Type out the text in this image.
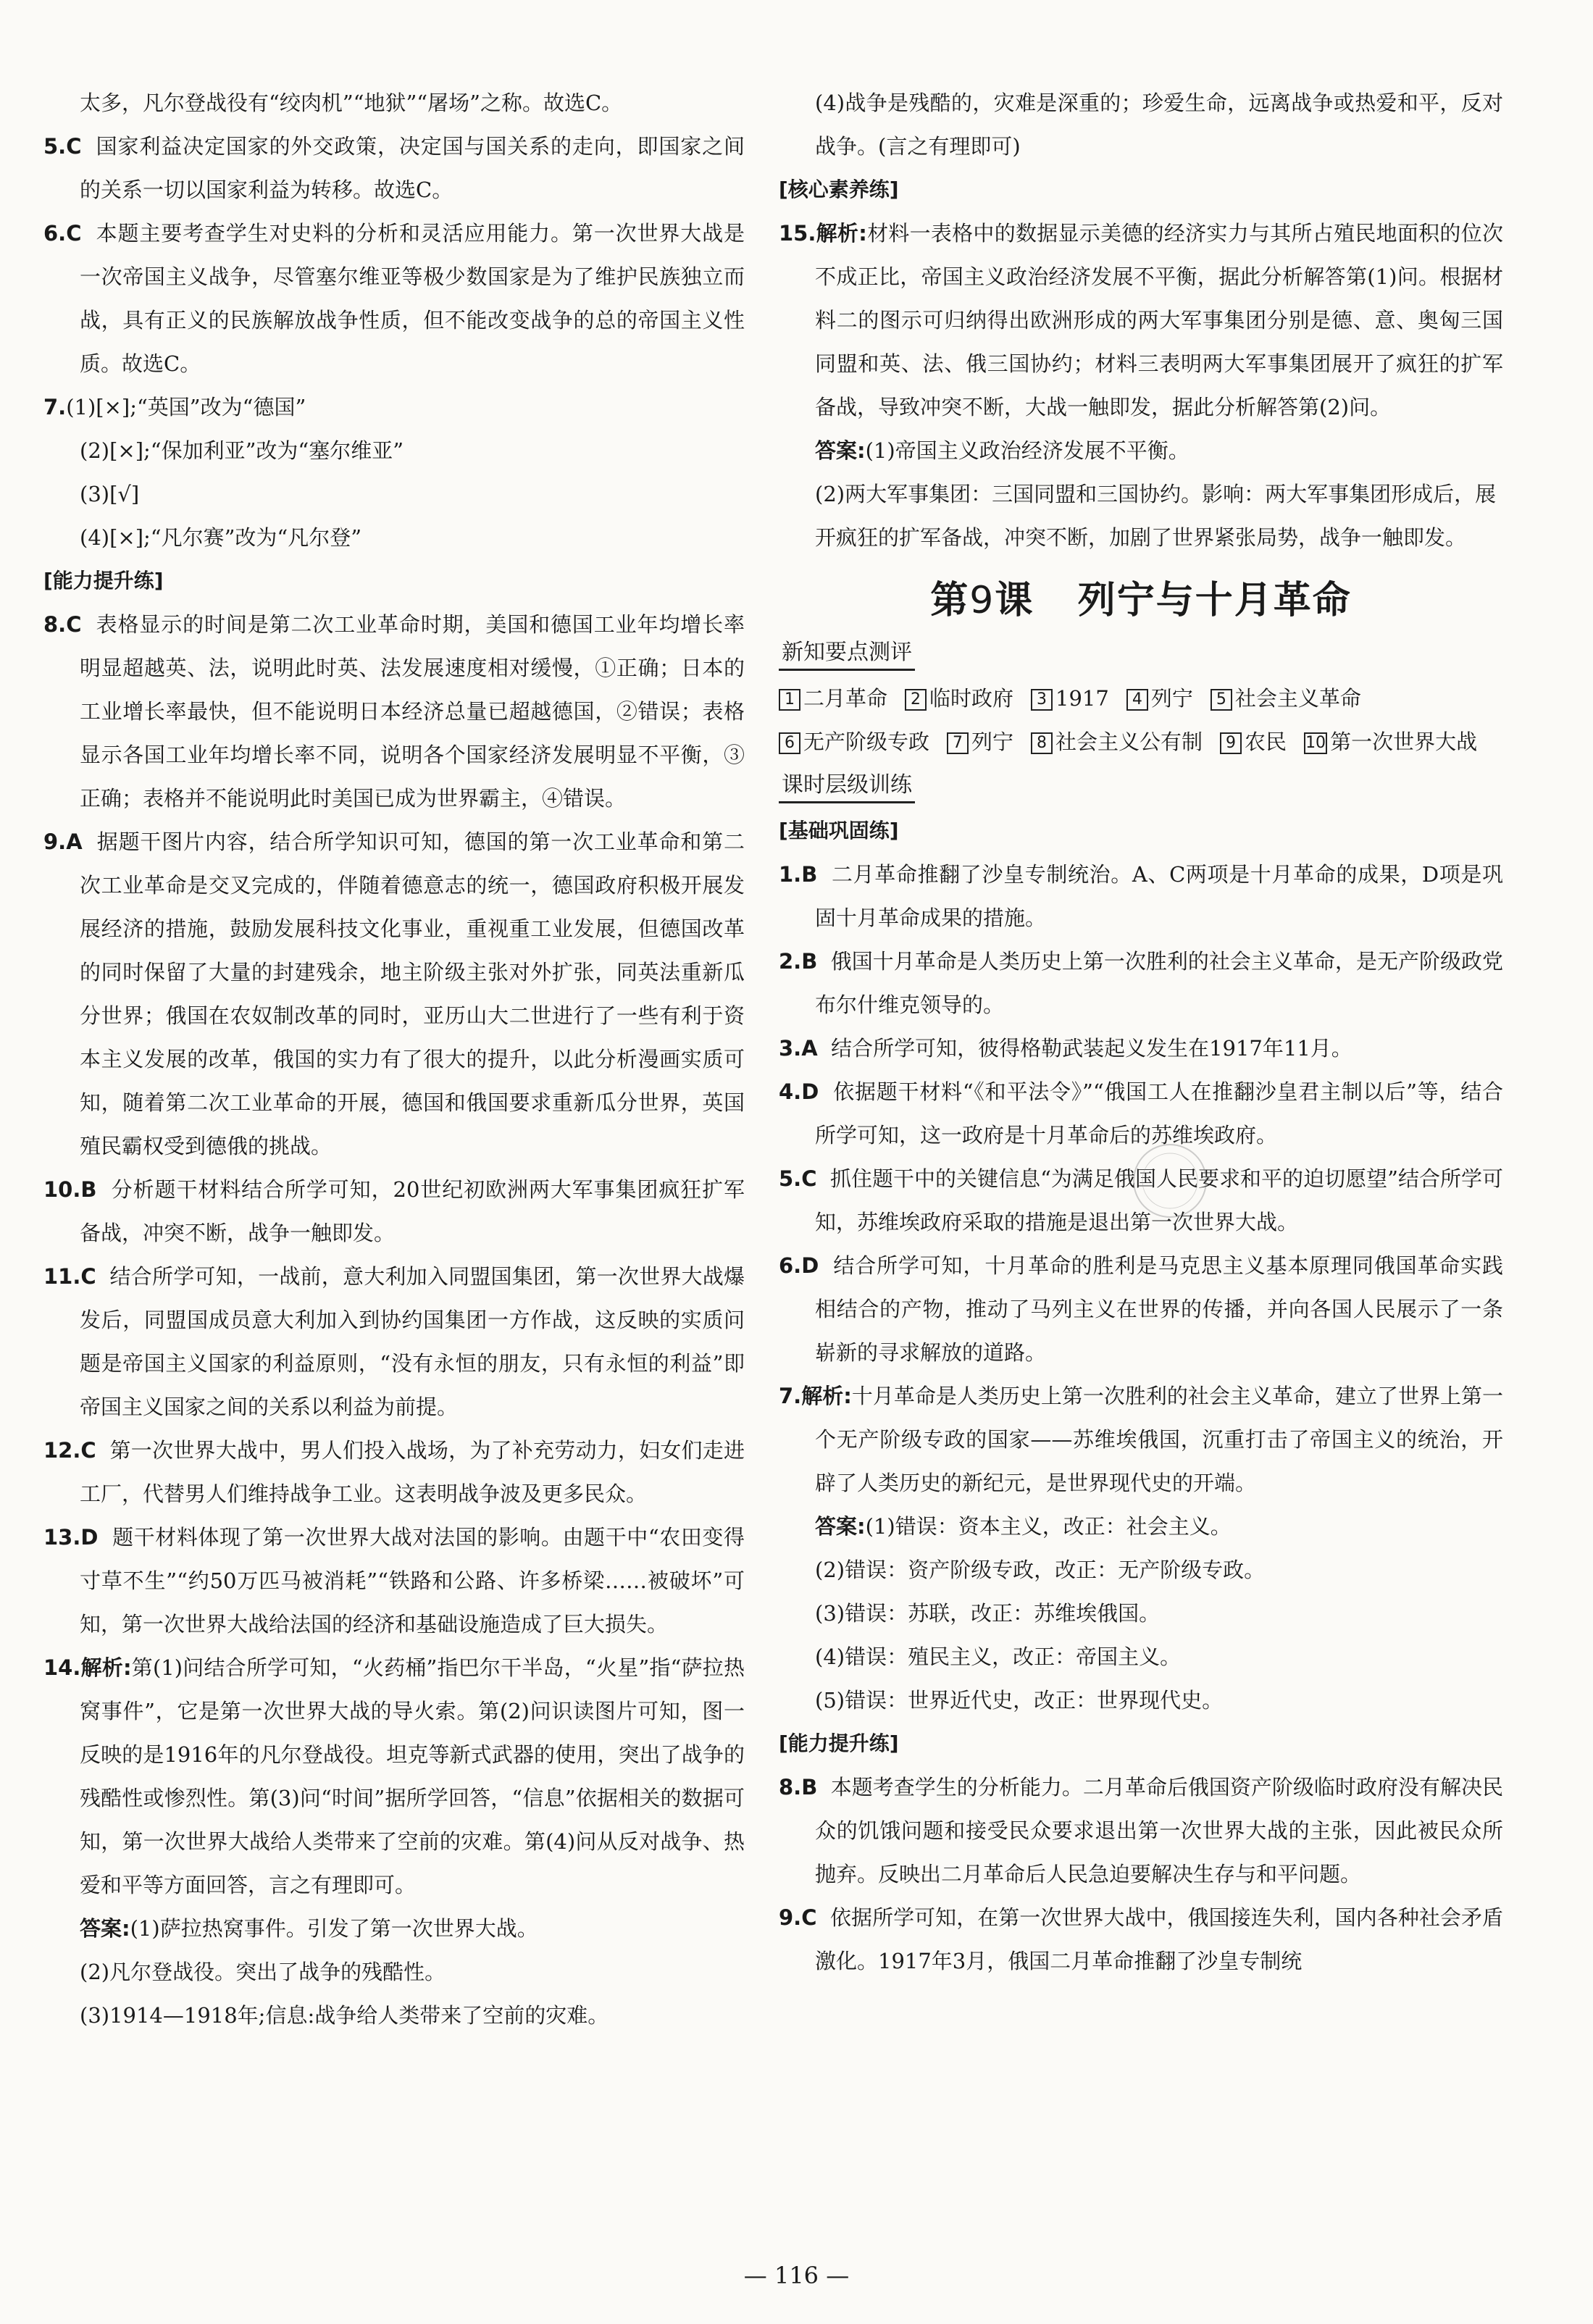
太多，凡尔登战役有“绞肉机”“地狱”“屠场”之称。故选C。

5.C 国家利益决定国家的外交政策，决定国与国关系的走向，即国家之间的关系一切以国家利益为转移。故选C。

6.C 本题主要考查学生对史料的分析和灵活应用能力。第一次世界大战是一次帝国主义战争，尽管塞尔维亚等极少数国家是为了维护民族独立而战，具有正义的民族解放战争性质，但不能改变战争的总的帝国主义性质。故选C。

7.(1)[×];“英国”改为“德国”

(2)[×];“保加利亚”改为“塞尔维亚”

(3)[√]

(4)[×];“凡尔赛”改为“凡尔登”

[能力提升练]

8.C 表格显示的时间是第二次工业革命时期，美国和德国工业年均增长率明显超越英、法，说明此时英、法发展速度相对缓慢，①正确；日本的工业增长率最快，但不能说明日本经济总量已超越德国，②错误；表格显示各国工业年均增长率不同，说明各个国家经济发展明显不平衡，③正确；表格并不能说明此时美国已成为世界霸主，④错误。

9.A 据题干图片内容，结合所学知识可知，德国的第一次工业革命和第二次工业革命是交叉完成的，伴随着德意志的统一，德国政府积极开展发展经济的措施，鼓励发展科技文化事业，重视重工业发展，但德国改革的同时保留了大量的封建残余，地主阶级主张对外扩张，同英法重新瓜分世界；俄国在农奴制改革的同时，亚历山大二世进行了一些有利于资本主义发展的改革，俄国的实力有了很大的提升，以此分析漫画实质可知，随着第二次工业革命的开展，德国和俄国要求重新瓜分世界，英国殖民霸权受到德俄的挑战。

10.B 分析题干材料结合所学可知，20世纪初欧洲两大军事集团疯狂扩军备战，冲突不断，战争一触即发。

11.C 结合所学可知，一战前，意大利加入同盟国集团，第一次世界大战爆发后，同盟国成员意大利加入到协约国集团一方作战，这反映的实质问题是帝国主义国家的利益原则，“没有永恒的朋友，只有永恒的利益”即帝国主义国家之间的关系以利益为前提。

12.C 第一次世界大战中，男人们投入战场，为了补充劳动力，妇女们走进工厂，代替男人们维持战争工业。这表明战争波及更多民众。

13.D 题干材料体现了第一次世界大战对法国的影响。由题干中“农田变得寸草不生”“约50万匹马被消耗”“铁路和公路、许多桥梁……被破坏”可知，第一次世界大战给法国的经济和基础设施造成了巨大损失。

14.解析:第(1)问结合所学可知，“火药桶”指巴尔干半岛，“火星”指“萨拉热窝事件”，它是第一次世界大战的导火索。第(2)问识读图片可知，图一反映的是1916年的凡尔登战役。坦克等新式武器的使用，突出了战争的残酷性或惨烈性。第(3)问“时间”据所学回答，“信息”依据相关的数据可知，第一次世界大战给人类带来了空前的灾难。第(4)问从反对战争、热爱和平等方面回答，言之有理即可。

答案:(1)萨拉热窝事件。引发了第一次世界大战。

(2)凡尔登战役。突出了战争的残酷性。

(3)1914—1918年;信息:战争给人类带来了空前的灾难。

(4)战争是残酷的，灾难是深重的；珍爱生命，远离战争或热爱和平，反对战争。(言之有理即可)

[核心素养练]

15.解析:材料一表格中的数据显示美德的经济实力与其所占殖民地面积的位次不成正比，帝国主义政治经济发展不平衡，据此分析解答第(1)问。根据材料二的图示可归纳得出欧洲形成的两大军事集团分别是德、意、奥匈三国同盟和英、法、俄三国协约；材料三表明两大军事集团展开了疯狂的扩军备战，导致冲突不断，大战一触即发，据此分析解答第(2)问。

答案:(1)帝国主义政治经济发展不平衡。

(2)两大军事集团：三国同盟和三国协约。影响：两大军事集团形成后，展开疯狂的扩军备战，冲突不断，加剧了世界紧张局势，战争一触即发。

第9课 列宁与十月革命
新知要点测评
1 二月革命 2 临时政府 3 1917 4 列宁 5 社会主义革命6 无产阶级专政 7 列宁 8 社会主义公有制 9 农民 10 第一次世界大战
课时层级训练

[基础巩固练]

1.B 二月革命推翻了沙皇专制统治。A、C两项是十月革命的成果，D项是巩固十月革命成果的措施。

2.B 俄国十月革命是人类历史上第一次胜利的社会主义革命，是无产阶级政党布尔什维克领导的。

3.A 结合所学可知，彼得格勒武装起义发生在1917年11月。

4.D 依据题干材料“《和平法令》”“俄国工人在推翻沙皇君主制以后”等，结合所学可知，这一政府是十月革命后的苏维埃政府。

5.C 抓住题干中的关键信息“为满足俄国人民要求和平的迫切愿望”结合所学可知，苏维埃政府采取的措施是退出第一次世界大战。

6.D 结合所学可知，十月革命的胜利是马克思主义基本原理同俄国革命实践相结合的产物，推动了马列主义在世界的传播，并向各国人民展示了一条崭新的寻求解放的道路。

7.解析:十月革命是人类历史上第一次胜利的社会主义革命，建立了世界上第一个无产阶级专政的国家——苏维埃俄国，沉重打击了帝国主义的统治，开辟了人类历史的新纪元，是世界现代史的开端。

答案:(1)错误：资本主义，改正：社会主义。

(2)错误：资产阶级专政，改正：无产阶级专政。

(3)错误：苏联，改正：苏维埃俄国。

(4)错误：殖民主义，改正：帝国主义。

(5)错误：世界近代史，改正：世界现代史。

[能力提升练]

8.B 本题考查学生的分析能力。二月革命后俄国资产阶级临时政府没有解决民众的饥饿问题和接受民众要求退出第一次世界大战的主张，因此被民众所抛弃。反映出二月革命后人民急迫要解决生存与和平问题。

9.C 依据所学可知，在第一次世界大战中，俄国接连失利，国内各种社会矛盾激化。1917年3月，俄国二月革命推翻了沙皇专制统

— 116 —
